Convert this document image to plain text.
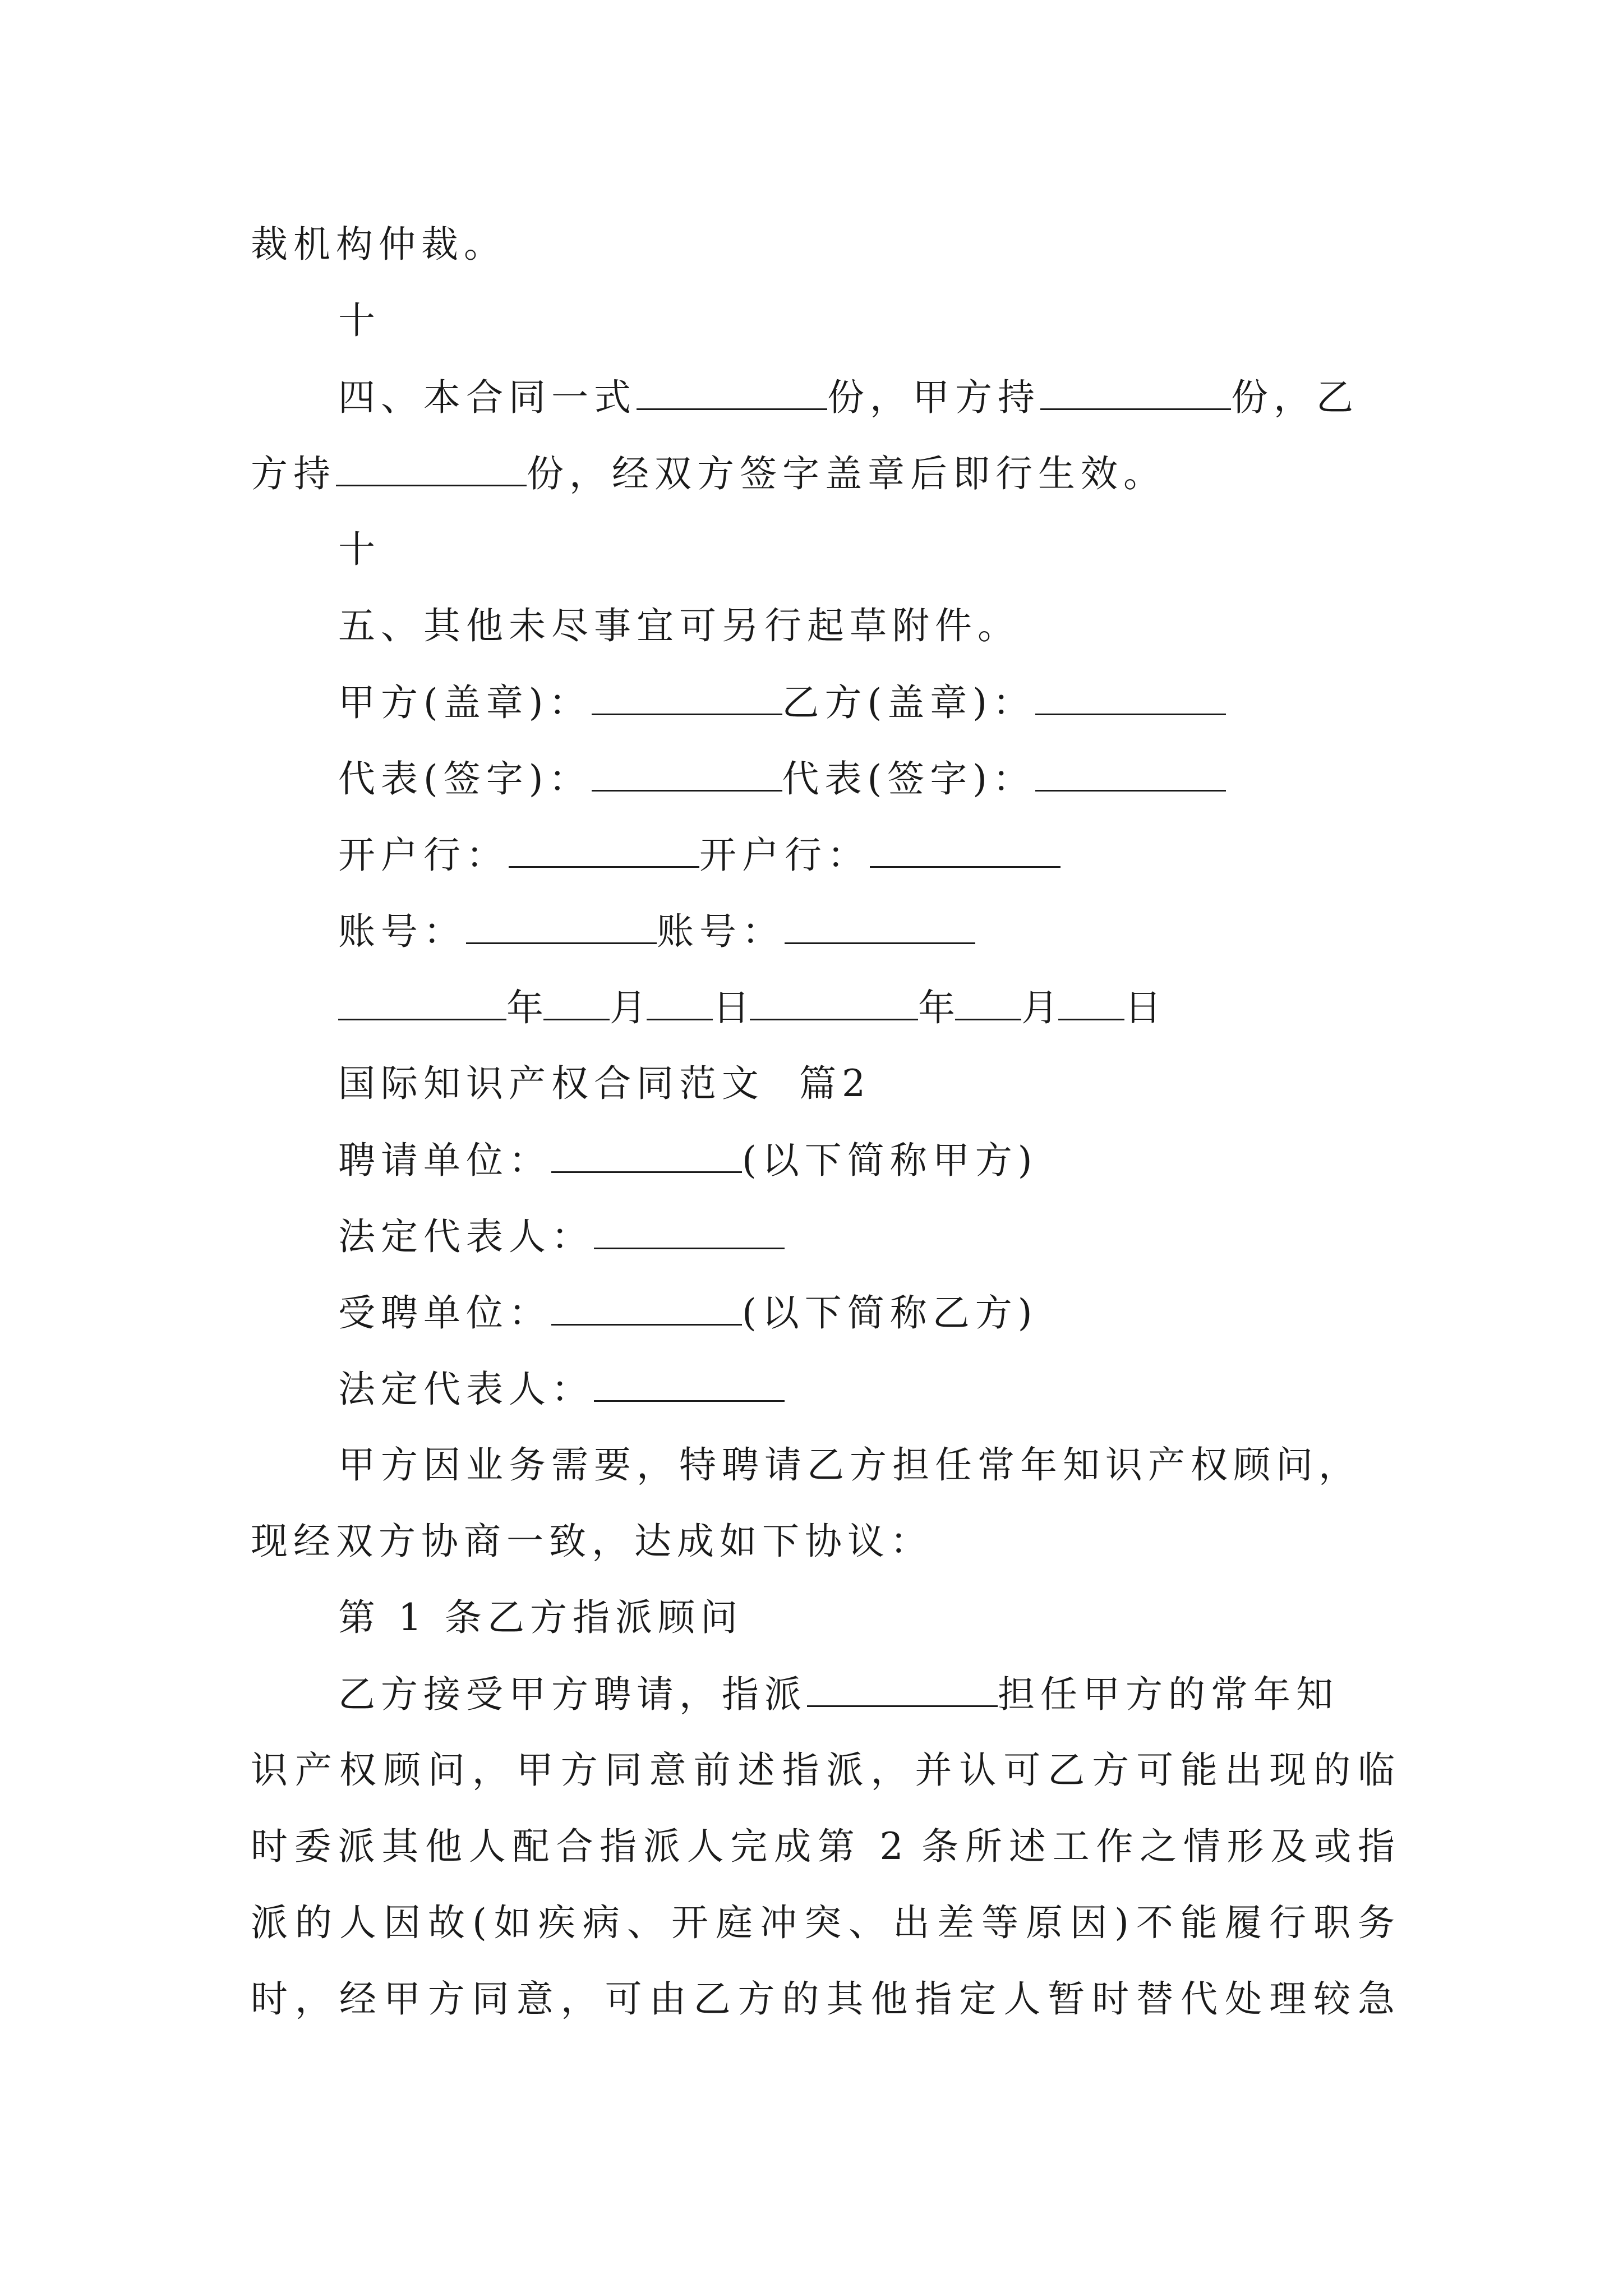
裁机构仲裁。
十
四、本合同一式	份，甲方持	份，乙
方持	份，经双方签字盖章后即行生效。
十
五、其他未尽事宜可另行起草附件。
甲方(盖章)：	乙方(盖章)：
代表(签字)：	代表(签字)：
开户行：	开户行：
账号：	账号：
年 月 日	年 月 日
国际知识产权合同范文  篇2
聘请单位：	(以下简称甲方)
法定代表人：
受聘单位：	(以下简称乙方)
法定代表人：
甲方因业务需要，特聘请乙方担任常年知识产权顾问，
现经双方协商一致，达成如下协议：
第 1 条乙方指派顾问
乙方接受甲方聘请，指派	担任甲方的常年知
识产权顾问，甲方同意前述指派，并认可乙方可能出现的临
时委派其他人配合指派人完成第 2 条所述工作之情形及或指
派的人因故(如疾病、开庭冲突、出差等原因)不能履行职务
时，经甲方同意，可由乙方的其他指定人暂时替代处理较急
